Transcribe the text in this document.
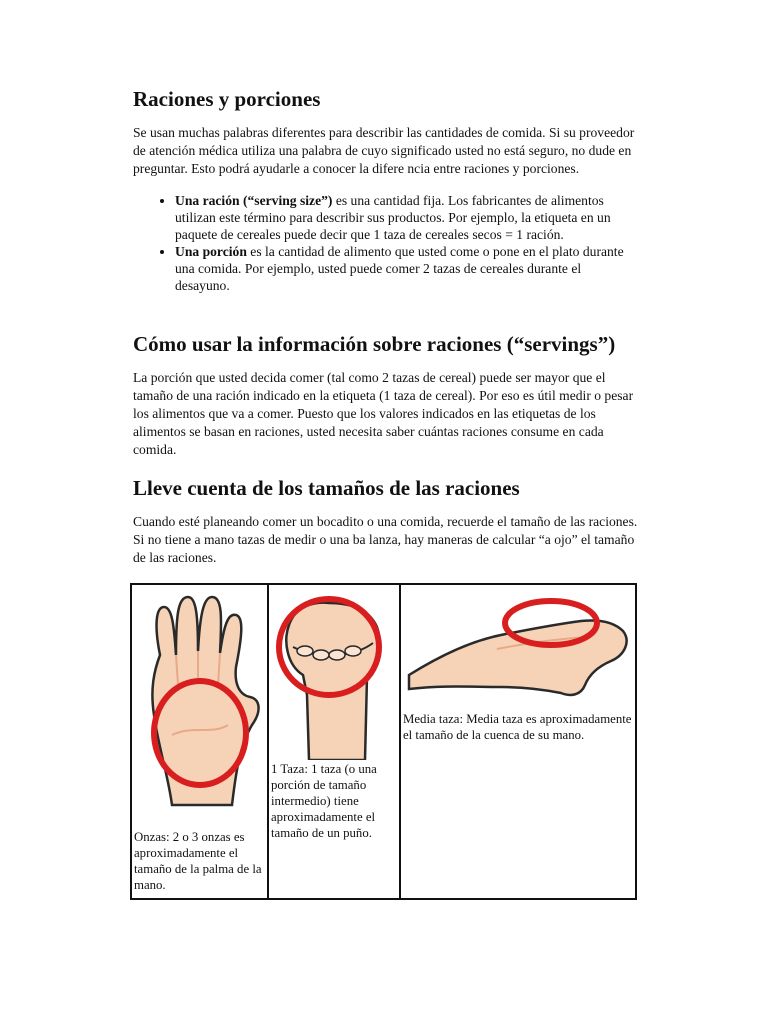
Raciones y porciones

Se usan muchas palabras diferentes para describir las cantidades de comida. Si su proveedor de atención médica utiliza una palabra de cuyo significado usted no está seguro, no dude en preguntar. Esto podrá ayudarle a conocer la difere ncia entre raciones y porciones.

• Una ración (“serving size”) es una cantidad fija. Los fabricantes de alimentos utilizan este término para describir sus productos. Por ejemplo, la etiqueta en un paquete de cereales puede decir que 1 taza de cereales secos = 1 ración.
• Una porción es la cantidad de alimento que usted come o pone en el plato durante una comida. Por ejemplo, usted puede comer 2 tazas de cereales durante el desayuno.
Cómo usar la información sobre raciones (“servings”)

La porción que usted decida comer (tal como 2 tazas de cereal) puede ser mayor que el tamaño de una ración indicado en la etiqueta (1 taza de cereal). Por eso es útil medir o pesar los alimentos que va a comer. Puesto que los valores indicados en las etiquetas de los alimentos se basan en raciones, usted necesita saber cuántas raciones consume en cada comida.

Lleve cuenta de los tamaños de las raciones

Cuando esté planeando comer un bocadito o una comida, recuerde el tamaño de las raciones. Si no tiene a mano tazas de medir o una ba lanza, hay maneras de calcular “a ojo” el tamaño de las raciones.

Onzas: 2 o 3 onzas es aproximadamente el tamaño de la palma de la mano.
1 Taza: 1 taza (o una porción de tamaño intermedio) tiene aproximadamente el tamaño de un puño.
Media taza: Media taza es aproximadamente el tamaño de la cuenca de su mano.
